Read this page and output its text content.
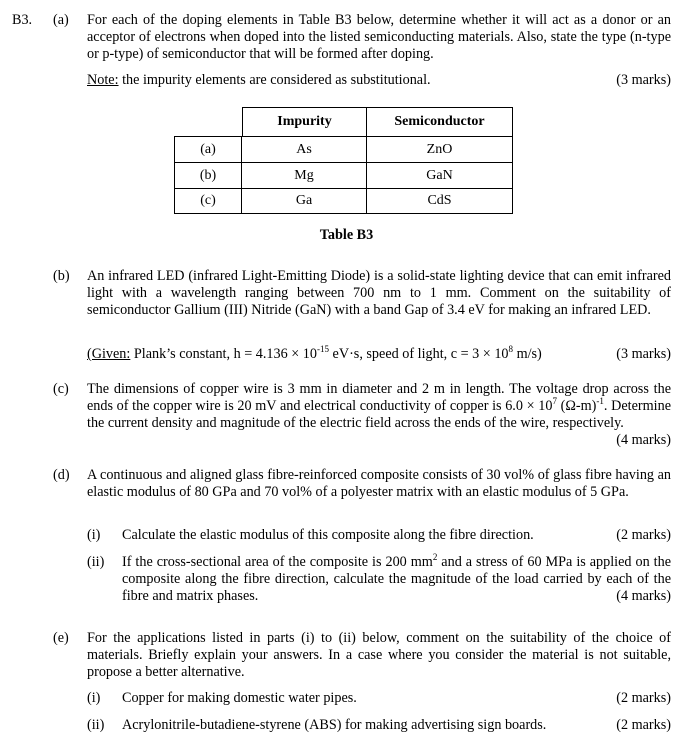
B3. (a) For each of the doping elements in Table B3 below, determine whether it will act as a donor or an acceptor of electrons when doped into the listed semiconducting materials. Also, state the type (n-type or p-type) of semiconductor that will be formed after doping.
Note: the impurity elements are considered as substitutional.	(3 marks)
	Impurity	Semiconductor
(a)	As	ZnO
(b)	Mg	GaN
(c)	Ga	CdS
Table B3
(b) An infrared LED (infrared Light-Emitting Diode) is a solid-state lighting device that can emit infrared light with a wavelength ranging between 700 nm to 1 mm. Comment on the suitability of semiconductor Gallium (III) Nitride (GaN) with a band Gap of 3.4 eV for making an infrared LED.
(Given: Plank’s constant, $h = 4.136 \times 10^{-15}$ eV·s, speed of light, $c = 3 \times 10^8$ m/s)	(3 marks)
(c) The dimensions of copper wire is 3 mm in diameter and 2 m in length. The voltage drop across the ends of the copper wire is 20 mV and electrical conductivity of copper is $6.0 \times 10^7$ $(\Omega-m)^{-1}$. Determine the current density and magnitude of the electric field across the ends of the wire, respectively.
(4 marks)
(d) A continuous and aligned glass fibre-reinforced composite consists of 30 vol% of glass fibre having an elastic modulus of 80 GPa and 70 vol% of a polyester matrix with an elastic modulus of 5 GPa.
(i) Calculate the elastic modulus of this composite along the fibre direction.	(2 marks)
(ii) If the cross-sectional area of the composite is 200 $mm^2$ and a stress of 60 MPa is applied on the composite along the fibre direction, calculate the magnitude of the load carried by each of the fibre and matrix phases.	(4 marks)
(e) For the applications listed in parts (i) to (ii) below, comment on the suitability of the choice of materials. Briefly explain your answers. In a case where you consider the material is not suitable, propose a better alternative.
(i) Copper for making domestic water pipes.	(2 marks)
(ii) Acrylonitrile-butadiene-styrene (ABS) for making advertising sign boards.	(2 marks)
